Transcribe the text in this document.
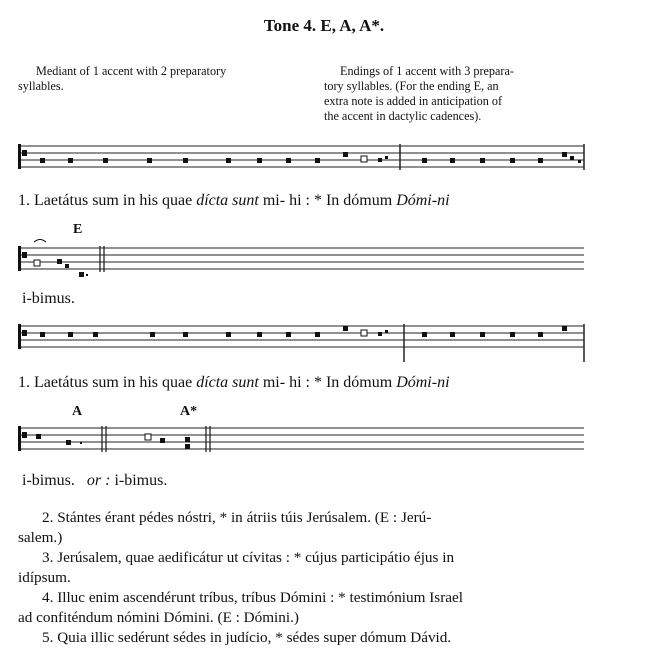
Tone 4. E, A, A*.
Mediant of 1 accent with 2 preparatory
syllables.
Endings of 1 accent with 3 prepara-
tory syllables. (For the ending E, an
extra note is added in anticipation of
the accent in dactylic cadences).
1. Laetátus sum in his quae dícta sunt mi- hi : * In dómum Dómi-ni
E
i-bimus.
1. Laetátus sum in his quae dícta sunt mi- hi : * In dómum Dómi-ni
A	A*
i-bimus. or : i-bimus.

2. Stántes érant pédes nóstri, * in átriis túis Jerúsalem. (E : Jerú-

salem.)

3. Jerúsalem, quae aedificátur ut cívitas : * cújus participátio éjus in

idípsum.

4. Illuc enim ascendérunt tríbus, tríbus Dómini : * testimónium Israel

ad confiténdum nómini Dómini. (E : Dómini.)

5. Quia illic sedérunt sédes in judício, * sédes super dómum Dávid.
